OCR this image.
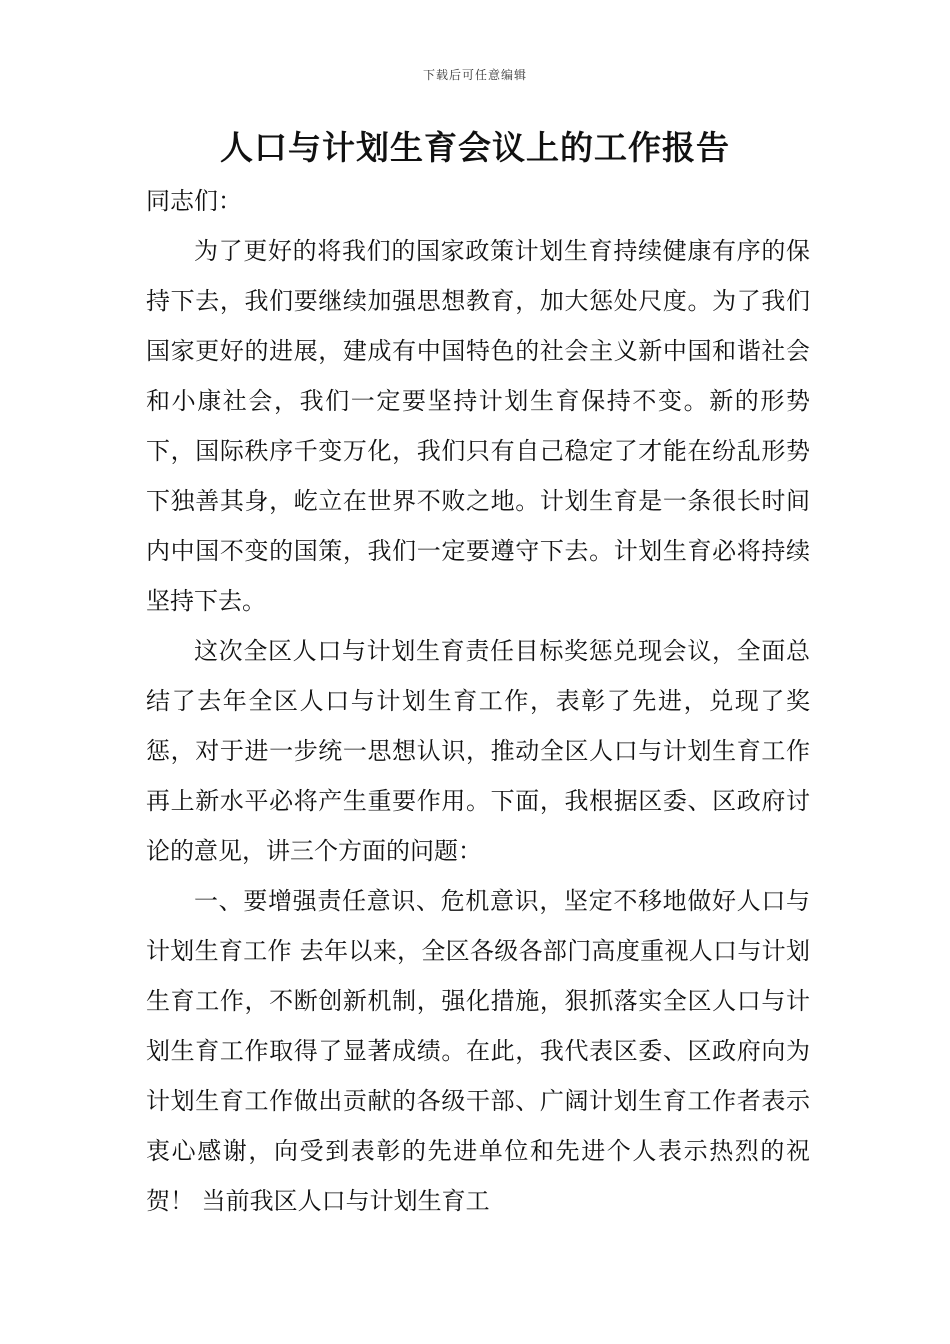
下载后可任意编辑
人口与计划生育会议上的工作报告

同志们：

为了更好的将我们的国家政策计划生育持续健康有序的保持下去，我们要继续加强思想教育，加大惩处尺度。为了我们国家更好的进展，建成有中国特色的社会主义新中国和谐社会和小康社会，我们一定要坚持计划生育保持不变。新的形势下，国际秩序千变万化，我们只有自己稳定了才能在纷乱形势下独善其身，屹立在世界不败之地。计划生育是一条很长时间内中国不变的国策，我们一定要遵守下去。计划生育必将持续坚持下去。

这次全区人口与计划生育责任目标奖惩兑现会议，全面总结了去年全区人口与计划生育工作，表彰了先进，兑现了奖惩，对于进一步统一思想认识，推动全区人口与计划生育工作再上新水平必将产生重要作用。下面，我根据区委、区政府讨论的意见，讲三个方面的问题：

一、要增强责任意识、危机意识，坚定不移地做好人口与计划生育工作 去年以来，全区各级各部门高度重视人口与计划生育工作，不断创新机制，强化措施，狠抓落实全区人口与计划生育工作取得了显著成绩。在此，我代表区委、区政府向为计划生育工作做出贡献的各级干部、广阔计划生育工作者表示衷心感谢，向受到表彰的先进单位和先进个人表示热烈的祝贺！ 当前我区人口与计划生育工
